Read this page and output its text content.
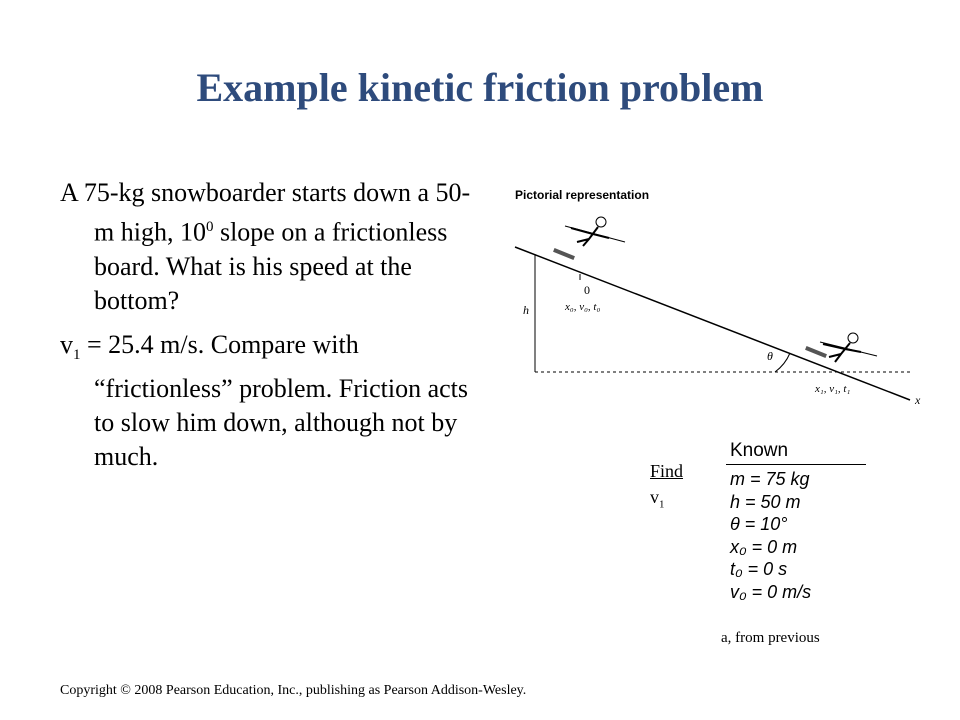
Example kinetic friction problem

A 75-kg snowboarder starts down a 50-m high, $10^0$ slope on a frictionless board. What is his speed at the bottom?

$v_1 = 25.4$ m/s. Compare with “frictionless” problem. Friction acts to slow him down, although not by much.

Pictorial representation
0
x₀, v₀, t₀
h
θ
x₁, v₁, t₁
x
Find
$v_1$
Known
m = 75 kg
h = 50 m
θ = 10°
x₀ = 0 m
t₀ = 0 s
v₀ = 0 m/s
a, from previous
Copyright © 2008 Pearson Education, Inc., publishing as Pearson Addison-Wesley.
